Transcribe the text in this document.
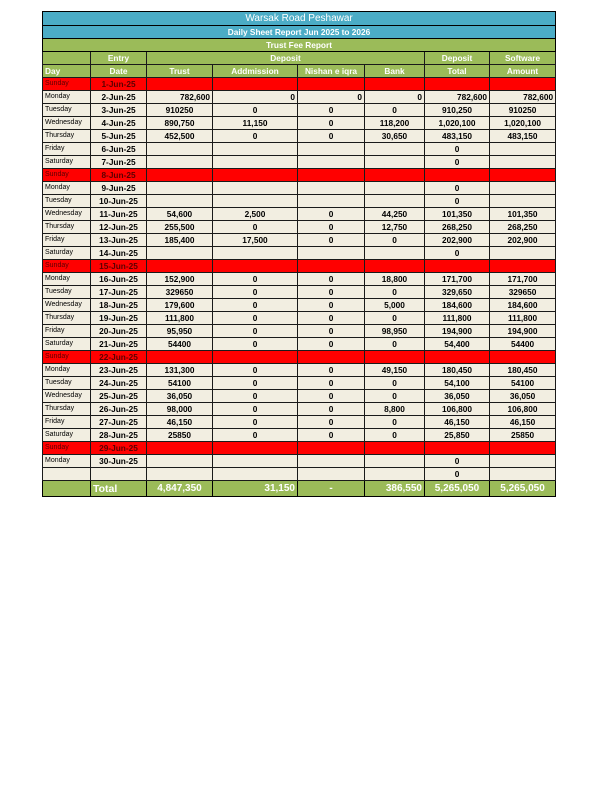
Warsak Road Peshawar							
Daily Sheet Report Jun 2025 to 2026							
Trust Fee Report							
	Entry	Deposit				Deposit	Software
Day	Date	Trust	Addmission	Nishan e iqra	Bank	Total	Amount
Sunday	1-Jun-25						
Monday	2-Jun-25	782,600	0	0	0	782,600	782,600
Tuesday	3-Jun-25	910250	0	0	0	910,250	910250
Wednesday	4-Jun-25	890,750	11,150	0	118,200	1,020,100	1,020,100
Thursday	5-Jun-25	452,500	0	0	30,650	483,150	483,150
Friday	6-Jun-25					0	
Saturday	7-Jun-25					0	
Sunday	8-Jun-25						
Monday	9-Jun-25					0	
Tuesday	10-Jun-25					0	
Wednesday	11-Jun-25	54,600	2,500	0	44,250	101,350	101,350
Thursday	12-Jun-25	255,500	0	0	12,750	268,250	268,250
Friday	13-Jun-25	185,400	17,500	0	0	202,900	202,900
Saturday	14-Jun-25					0	
Sunday	15-Jun-25						
Monday	16-Jun-25	152,900	0	0	18,800	171,700	171,700
Tuesday	17-Jun-25	329650	0	0	0	329,650	329650
Wednesday	18-Jun-25	179,600	0	0	5,000	184,600	184,600
Thursday	19-Jun-25	111,800	0	0	0	111,800	111,800
Friday	20-Jun-25	95,950	0	0	98,950	194,900	194,900
Saturday	21-Jun-25	54400	0	0	0	54,400	54400
Sunday	22-Jun-25						
Monday	23-Jun-25	131,300	0	0	49,150	180,450	180,450
Tuesday	24-Jun-25	54100	0	0	0	54,100	54100
Wednesday	25-Jun-25	36,050	0	0	0	36,050	36,050
Thursday	26-Jun-25	98,000	0	0	8,800	106,800	106,800
Friday	27-Jun-25	46,150	0	0	0	46,150	46,150
Saturday	28-Jun-25	25850	0	0	0	25,850	25850
Sunday	29-Jun-25						
Monday	30-Jun-25					0	
						0	
	Total	4,847,350	31,150	-	386,550	5,265,050	5,265,050
